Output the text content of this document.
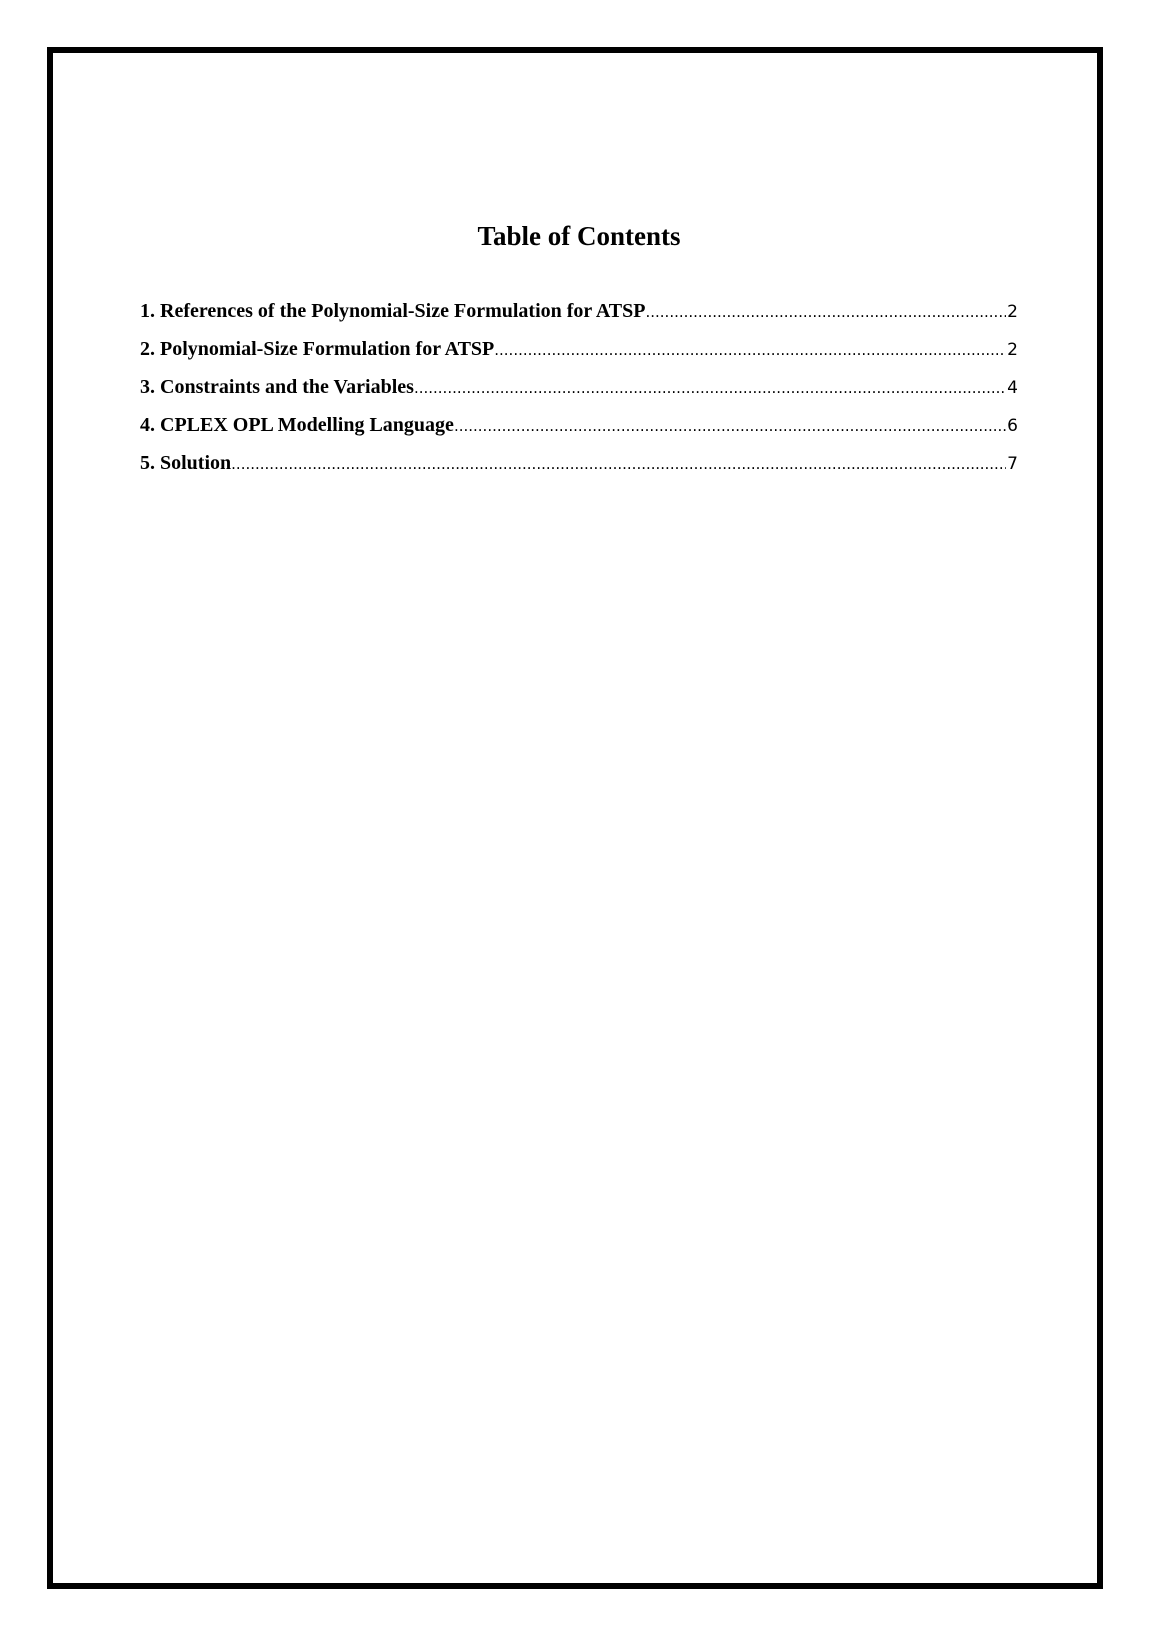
Table of Contents
1. References of the Polynomial-Size Formulation for ATSP .....	2
2. Polynomial-Size Formulation for ATSP .....	2
3. Constraints and the Variables .....	4
4. CPLEX OPL Modelling Language .....	6
5. Solution .....	7
